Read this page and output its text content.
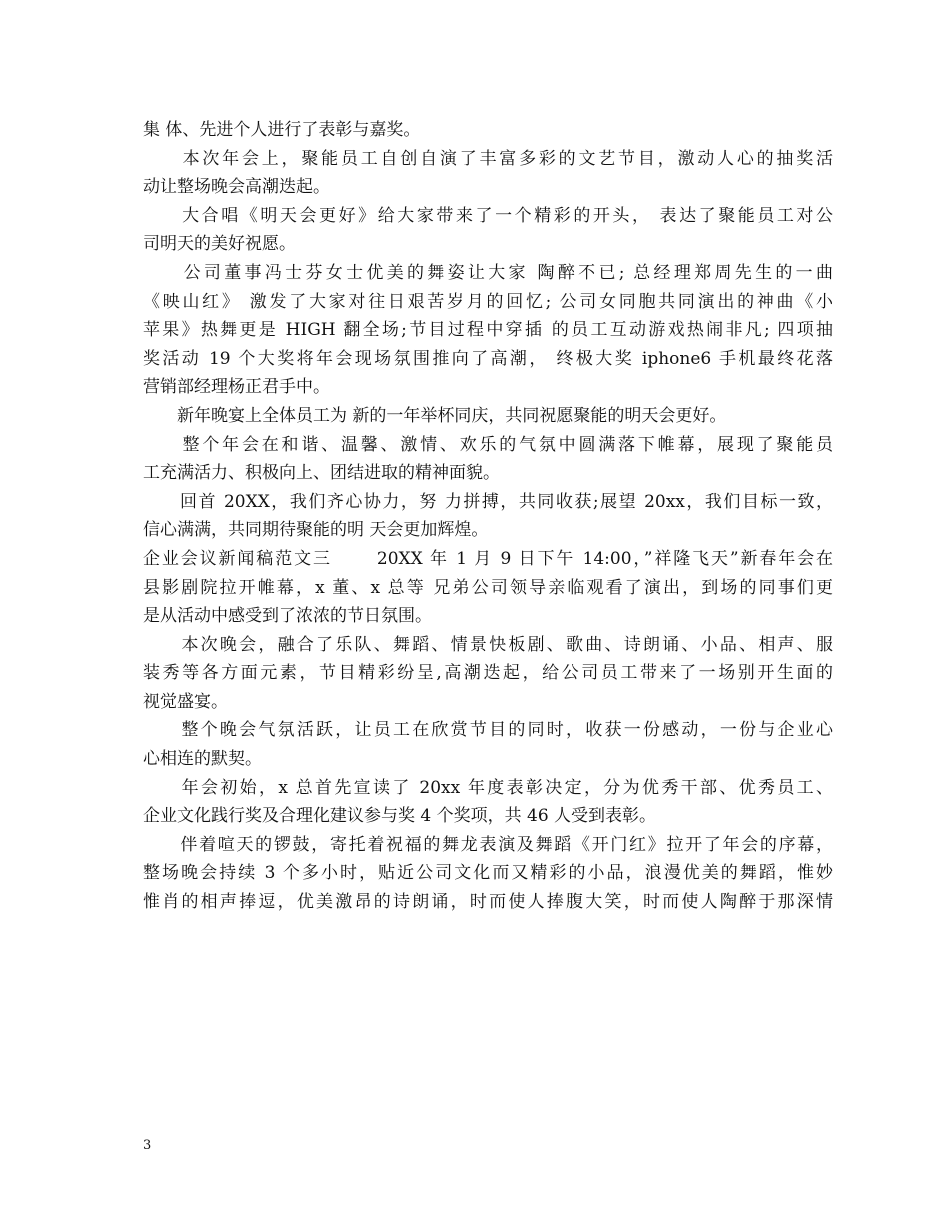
集 体、先进个人进行了表彰与嘉奖。
　　本次年会上，聚能员工自创自演了丰富多彩的文艺节目，激动人心的抽奖活
动让整场晚会高潮迭起。
　　大合唱《明天会更好》给大家带来了一个精彩的开头， 表达了聚能员工对公
司明天的美好祝愿。
　　公司董事冯士芬女士优美的舞姿让大家 陶醉不已; 总经理郑周先生的一曲
《映山红》 激发了大家对往日艰苦岁月的回忆; 公司女同胞共同演出的神曲《小
苹果》热舞更是 HIGH 翻全场;节目过程中穿插 的员工互动游戏热闹非凡; 四项抽
奖活动 19 个大奖将年会现场氛围推向了高潮， 终极大奖 iphone6 手机最终花落
营销部经理杨正君手中。
　　新年晚宴上全体员工为 新的一年举杯同庆，共同祝愿聚能的明天会更好。
　　整个年会在和谐、温馨、激情、欢乐的气氛中圆满落下帷幕，展现了聚能员
工充满活力、积极向上、团结进取的精神面貌。
　　回首 20XX，我们齐心协力，努 力拼搏，共同收获;展望 20xx，我们目标一致，
信心满满，共同期待聚能的明 天会更加辉煌。
企业会议新闻稿范文三　　 20XX 年 1 月 9 日下午 14:00，”祥隆飞天”新春年会在
县影剧院拉开帷幕，x 董、x 总等 兄弟公司领导亲临观看了演出，到场的同事们更
是从活动中感受到了浓浓的节日氛围。
　　本次晚会，融合了乐队、舞蹈、情景快板剧、歌曲、诗朗诵、小品、相声、服
装秀等各方面元素，节目精彩纷呈,高潮迭起，给公司员工带来了一场别开生面的
视觉盛宴。
　　整个晚会气氛活跃，让员工在欣赏节目的同时，收获一份感动，一份与企业心
心相连的默契。
　　年会初始，x 总首先宣读了 20xx 年度表彰决定，分为优秀干部、优秀员工、
企业文化践行奖及合理化建议参与奖 4 个奖项，共 46 人受到表彰。
　　伴着喧天的锣鼓，寄托着祝福的舞龙表演及舞蹈《开门红》拉开了年会的序幕，
整场晚会持续 3 个多小时，贴近公司文化而又精彩的小品，浪漫优美的舞蹈，惟妙
惟肖的相声捧逗，优美激昂的诗朗诵，时而使人捧腹大笑，时而使人陶醉于那深情
3
